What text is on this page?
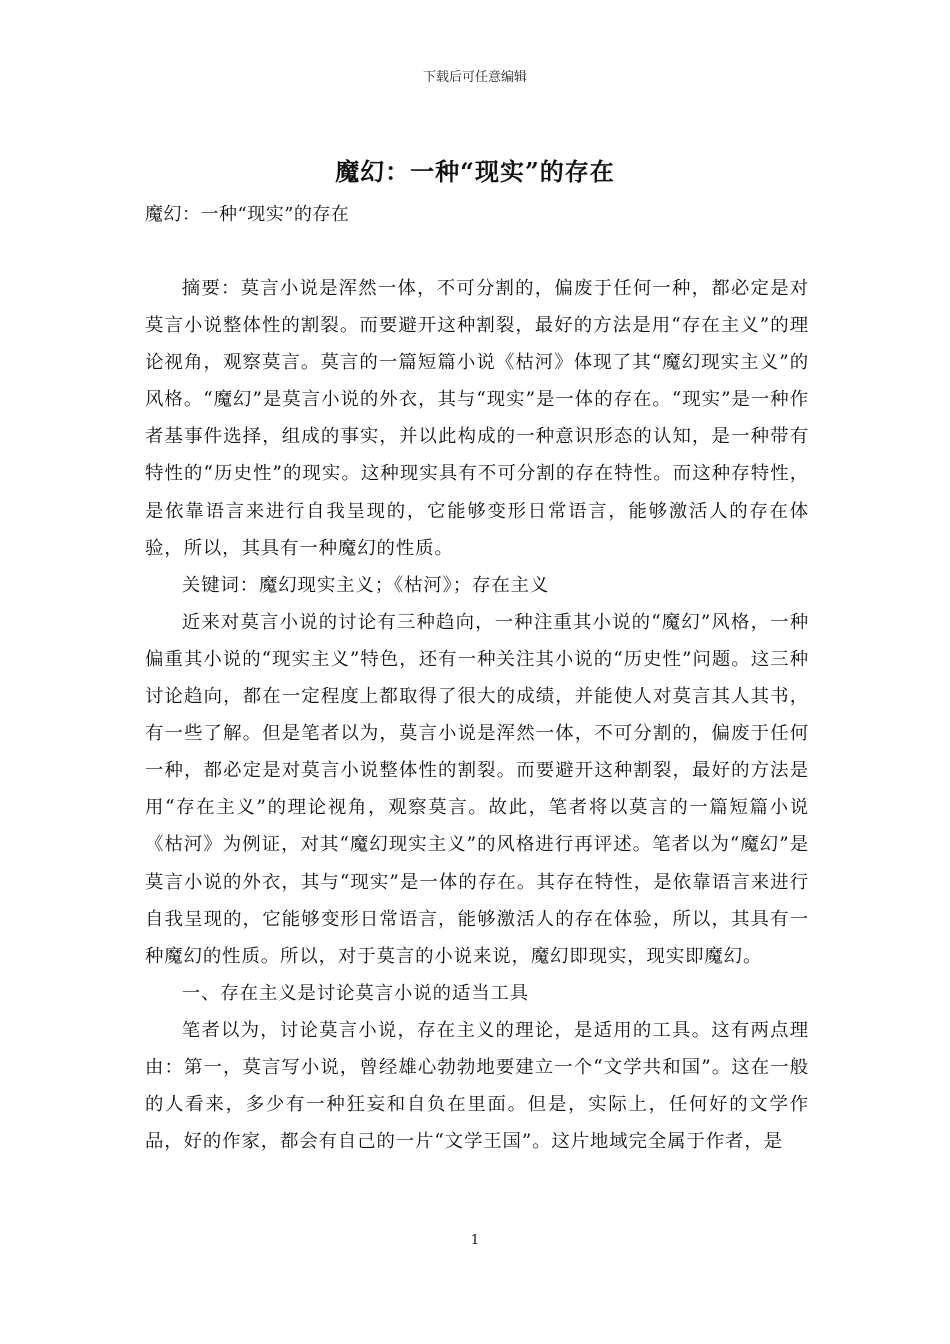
下载后可任意编辑
魔幻：一种“现实”的存在
魔幻：一种“现实”的存在

摘要：莫言小说是浑然一体，不可分割的，偏废于任何一种，都必定是对莫言小说整体性的割裂。而要避开这种割裂，最好的方法是用“存在主义”的理论视角，观察莫言。莫言的一篇短篇小说《枯河》体现了其“魔幻现实主义”的风格。“魔幻”是莫言小说的外衣，其与“现实”是一体的存在。“现实”是一种作者基事件选择，组成的事实，并以此构成的一种意识形态的认知，是一种带有特性的“历史性”的现实。这种现实具有不可分割的存在特性。而这种存特性，是依靠语言来进行自我呈现的，它能够变形日常语言，能够激活人的存在体验，所以，其具有一种魔幻的性质。

关键词：魔幻现实主义；《枯河》；存在主义

近来对莫言小说的讨论有三种趋向，一种注重其小说的“魔幻”风格，一种偏重其小说的“现实主义”特色，还有一种关注其小说的“历史性”问题。这三种讨论趋向，都在一定程度上都取得了很大的成绩，并能使人对莫言其人其书，有一些了解。但是笔者以为，莫言小说是浑然一体，不可分割的，偏废于任何一种，都必定是对莫言小说整体性的割裂。而要避开这种割裂，最好的方法是用“存在主义”的理论视角，观察莫言。故此，笔者将以莫言的一篇短篇小说《枯河》为例证，对其“魔幻现实主义”的风格进行再评述。笔者以为“魔幻”是莫言小说的外衣，其与“现实”是一体的存在。其存在特性，是依靠语言来进行自我呈现的，它能够变形日常语言，能够激活人的存在体验，所以，其具有一种魔幻的性质。所以，对于莫言的小说来说，魔幻即现实，现实即魔幻。

一、存在主义是讨论莫言小说的适当工具

笔者以为，讨论莫言小说，存在主义的理论，是适用的工具。这有两点理由：第一，莫言写小说，曾经雄心勃勃地要建立一个“文学共和国”。这在一般的人看来，多少有一种狂妄和自负在里面。但是，实际上，任何好的文学作品，好的作家，都会有自己的一片“文学王国”。这片地域完全属于作者，是

1
